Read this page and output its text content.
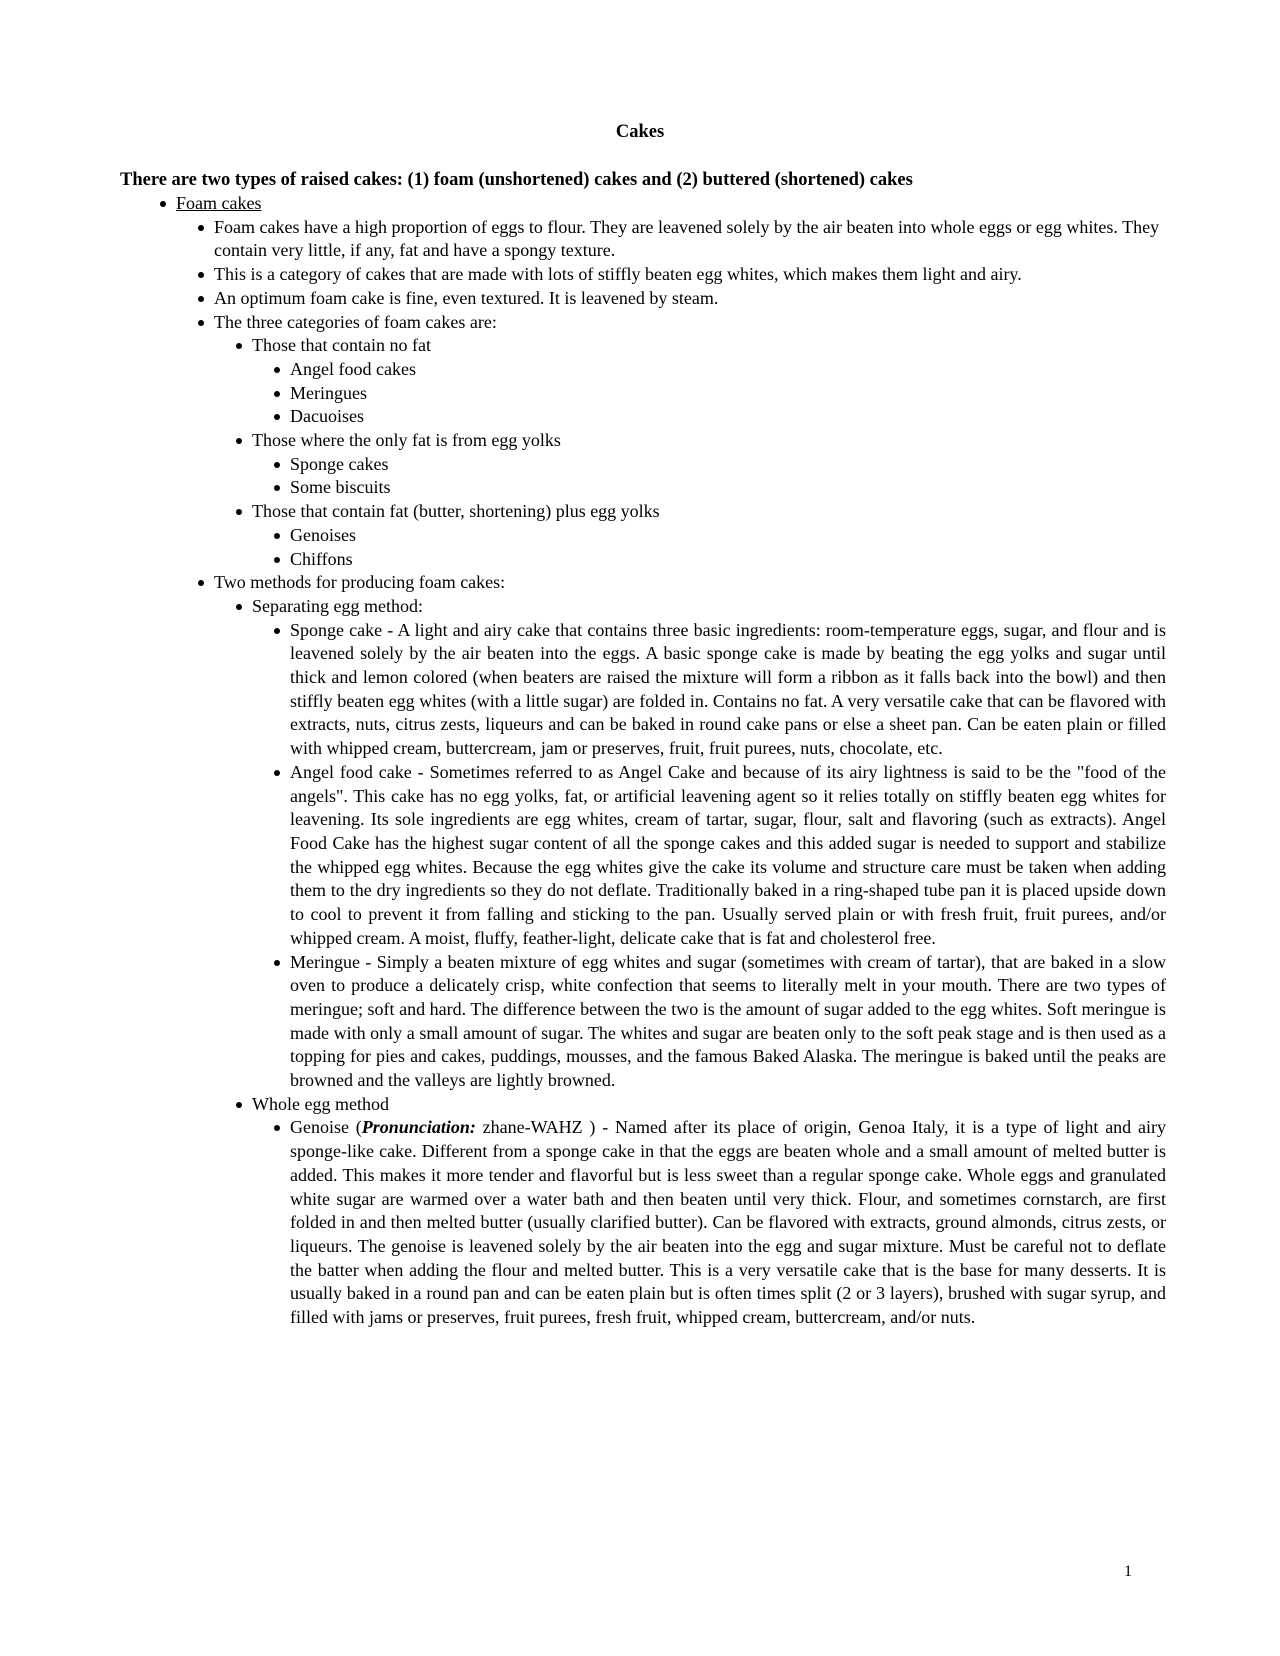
Cakes
There are two types of raised cakes: (1) foam (unshortened) cakes and (2) buttered (shortened) cakes
Foam cakes
Foam cakes have a high proportion of eggs to flour. They are leavened solely by the air beaten into whole eggs or egg whites. They contain very little, if any, fat and have a spongy texture.
This is a category of cakes that are made with lots of stiffly beaten egg whites, which makes them light and airy.
An optimum foam cake is fine, even textured. It is leavened by steam.
The three categories of foam cakes are:
Those that contain no fat
Angel food cakes
Meringues
Dacuoises
Those where the only fat is from egg yolks
Sponge cakes
Some biscuits
Those that contain fat (butter, shortening) plus egg yolks
Genoises
Chiffons
Two methods for producing foam cakes:
Separating egg method:
Sponge cake - A light and airy cake that contains three basic ingredients: room-temperature eggs, sugar, and flour and is leavened solely by the air beaten into the eggs. A basic sponge cake is made by beating the egg yolks and sugar until thick and lemon colored (when beaters are raised the mixture will form a ribbon as it falls back into the bowl) and then stiffly beaten egg whites (with a little sugar) are folded in. Contains no fat. A very versatile cake that can be flavored with extracts, nuts, citrus zests, liqueurs and can be baked in round cake pans or else a sheet pan. Can be eaten plain or filled with whipped cream, buttercream, jam or preserves, fruit, fruit purees, nuts, chocolate, etc.
Angel food cake - Sometimes referred to as Angel Cake and because of its airy lightness is said to be the "food of the angels". This cake has no egg yolks, fat, or artificial leavening agent so it relies totally on stiffly beaten egg whites for leavening. Its sole ingredients are egg whites, cream of tartar, sugar, flour, salt and flavoring (such as extracts). Angel Food Cake has the highest sugar content of all the sponge cakes and this added sugar is needed to support and stabilize the whipped egg whites. Because the egg whites give the cake its volume and structure care must be taken when adding them to the dry ingredients so they do not deflate. Traditionally baked in a ring-shaped tube pan it is placed upside down to cool to prevent it from falling and sticking to the pan. Usually served plain or with fresh fruit, fruit purees, and/or whipped cream. A moist, fluffy, feather-light, delicate cake that is fat and cholesterol free.
Meringue - Simply a beaten mixture of egg whites and sugar (sometimes with cream of tartar), that are baked in a slow oven to produce a delicately crisp, white confection that seems to literally melt in your mouth. There are two types of meringue; soft and hard. The difference between the two is the amount of sugar added to the egg whites. Soft meringue is made with only a small amount of sugar. The whites and sugar are beaten only to the soft peak stage and is then used as a topping for pies and cakes, puddings, mousses, and the famous Baked Alaska. The meringue is baked until the peaks are browned and the valleys are lightly browned.
Whole egg method
Genoise (Pronunciation: zhane-WAHZ ) - Named after its place of origin, Genoa Italy, it is a type of light and airy sponge-like cake. Different from a sponge cake in that the eggs are beaten whole and a small amount of melted butter is added. This makes it more tender and flavorful but is less sweet than a regular sponge cake. Whole eggs and granulated white sugar are warmed over a water bath and then beaten until very thick. Flour, and sometimes cornstarch, are first folded in and then melted butter (usually clarified butter). Can be flavored with extracts, ground almonds, citrus zests, or liqueurs. The genoise is leavened solely by the air beaten into the egg and sugar mixture. Must be careful not to deflate the batter when adding the flour and melted butter. This is a very versatile cake that is the base for many desserts. It is usually baked in a round pan and can be eaten plain but is often times split (2 or 3 layers), brushed with sugar syrup, and filled with jams or preserves, fruit purees, fresh fruit, whipped cream, buttercream, and/or nuts.
1
